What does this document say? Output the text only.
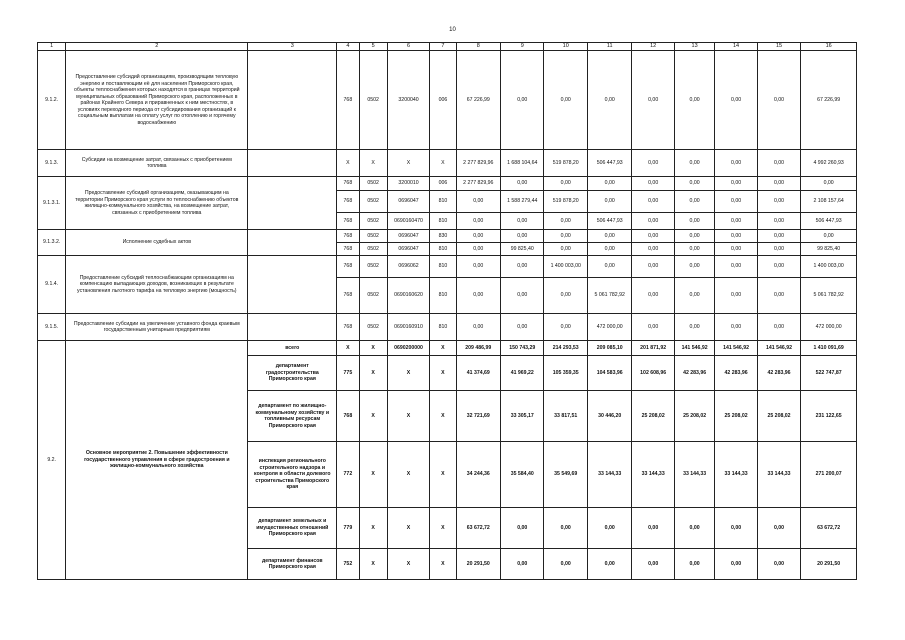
10
1	2	3	4	5	6	7	8	9	10	11	12	13	14	15	16
9.1.2.	Предоставление субсидий организациям, производящим тепловую энергию и поставляющим её для населения Приморского края, объекты теплоснабжения которых находятся в границах территорий муниципальных образований Приморского края, расположенных в районах Крайнего Севера и приравненных к ним местностях, в условиях переходного периода от субсидирования организаций к социальным выплатам на оплату услуг по отоплению и горячему водоснабжению		768	0502	3200040	006	67 226,99	0,00	0,00	0,00	0,00	0,00	0,00	0,00	67 226,99
9.1.3.	Субсидии на возмещение затрат, связанных с приобретением топлива		X	X	X	X	2 277 829,96	1 688 104,64	519 878,20	506 447,93	0,00	0,00	0,00	0,00	4 992 260,93
9.1.3.1.	Предоставление субсидий организациям, оказывающим на территории Приморского края услуги по теплоснабжению объектов жилищно-коммунального хозяйства, на возмещение затрат, связанных с приобретением топлива		768	0502	3200010	006	2 277 829,96	0,00	0,00	0,00	0,00	0,00	0,00	0,00	0,00
			768	0502	0696047	810	0,00	1 588 279,44	519 878,20	0,00	0,00	0,00	0,00	0,00	2 108 157,64
			768	0502	0690160470	810	0,00	0,00	0,00	506 447,93	0,00	0,00	0,00	0,00	506 447,93
9.1.3.2.	Исполнение судебных актов		768	0502	0696047	830	0,00	0,00	0,00	0,00	0,00	0,00	0,00	0,00	0,00
			768	0502	0696047	810	0,00	99 825,40	0,00	0,00	0,00	0,00	0,00	0,00	99 825,40
9.1.4.	Предоставление субсидий теплоснабжающим организациям на компенсацию выпадающих доходов, возникающих в результате установления льготного тарифа на тепловую энергию (мощность)		768	0502	0696062	810	0,00	0,00	1 400 003,00	0,00	0,00	0,00	0,00	0,00	1 400 003,00
			768	0502	0690160620	810	0,00	0,00	0,00	5 061 782,92	0,00	0,00	0,00	0,00	5 061 782,92
9.1.5.	Предоставление субсидии на увеличение уставного фонда краевым государственным унитарным предприятиям		768	0502	0690160910	810	0,00	0,00	0,00	472 000,00	0,00	0,00	0,00	0,00	472 000,00
9.2.	Основное мероприятие 2. Повышение эффективности государственного управления в сфере градостроения и жилищно-коммунального хозяйства	всего	X	X	0690200000	X	209 486,99	150 743,29	214 293,53	209 085,10	201 871,92	141 546,92	141 546,92	141 546,92	1 410 091,69
		департамент градостроительства Приморского края	775	X	X	X	41 374,69	41 969,22	105 359,35	104 583,96	102 608,96	42 283,96	42 283,96	42 283,96	522 747,87
		департамент по жилищно-коммунальному хозяйству и топливным ресурсам Приморского края	768	X	X	X	32 721,69	33 305,17	33 817,51	30 446,20	25 208,02	25 208,02	25 208,02	25 208,02	231 122,65
		инспекция регионального строительного надзора и контроля в области долевого строительства Приморского края	772	X	X	X	34 244,36	35 584,40	35 549,69	33 144,33	33 144,33	33 144,33	33 144,33	33 144,33	271 200,07
		департамент земельных и имущественных отношений Приморского края	779	X	X	X	63 672,72	0,00	0,00	0,00	0,00	0,00	0,00	0,00	63 672,72
		департамент финансов Приморского края	752	X	X	X	20 291,50	0,00	0,00	0,00	0,00	0,00	0,00	0,00	20 291,50
